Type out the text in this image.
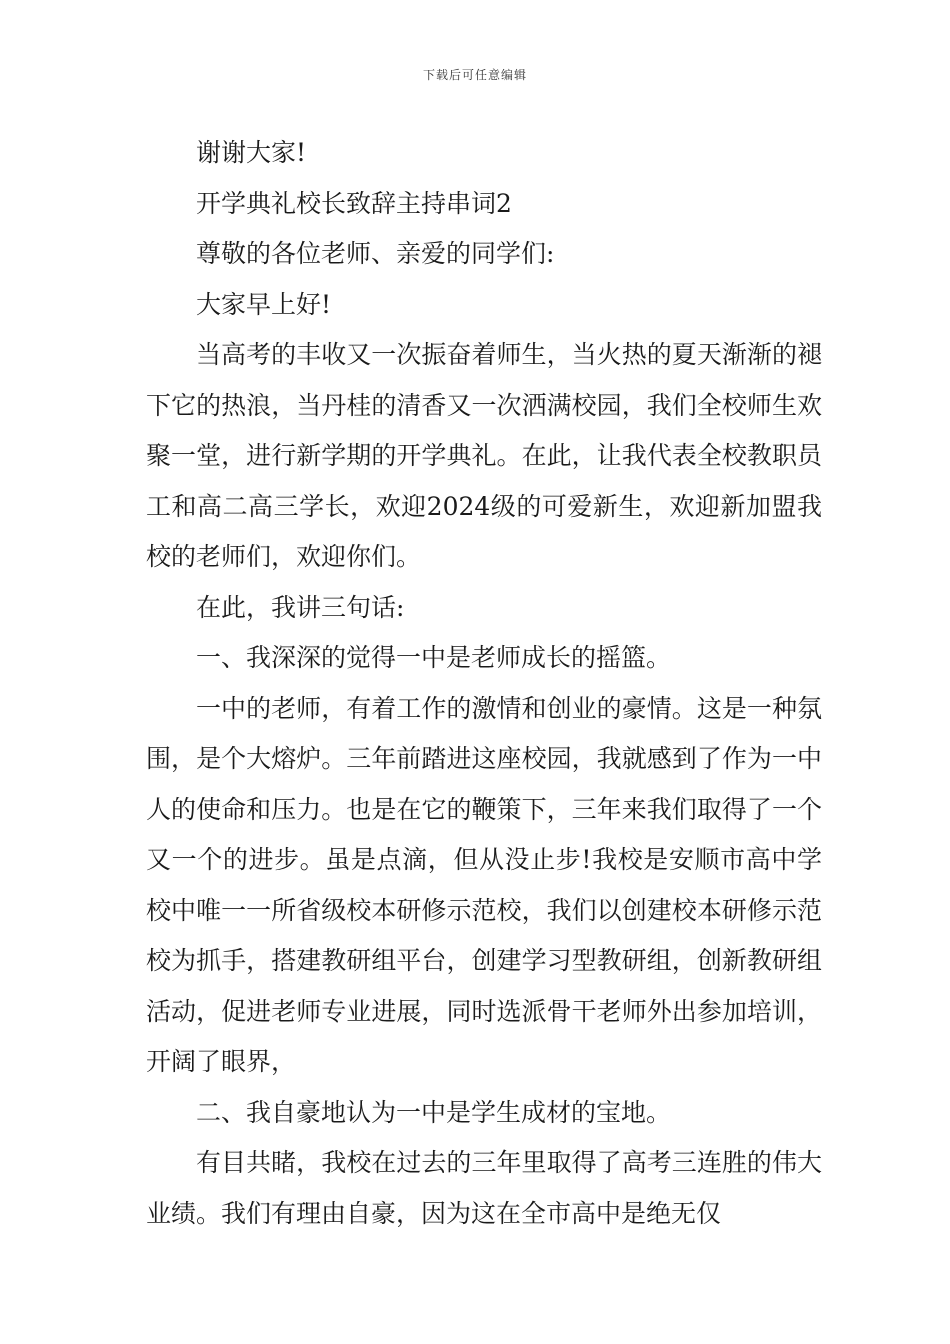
下载后可任意编辑

谢谢大家!

开学典礼校长致辞主持串词2

尊敬的各位老师、亲爱的同学们:

大家早上好!

当高考的丰收又一次振奋着师生，当火热的夏天渐渐的褪下它的热浪，当丹桂的清香又一次洒满校园，我们全校师生欢聚一堂，进行新学期的开学典礼。在此，让我代表全校教职员工和高二高三学长，欢迎2024级的可爱新生，欢迎新加盟我校的老师们，欢迎你们。

在此，我讲三句话:

一、我深深的觉得一中是老师成长的摇篮。

一中的老师，有着工作的激情和创业的豪情。这是一种氛围，是个大熔炉。三年前踏进这座校园，我就感到了作为一中人的使命和压力。也是在它的鞭策下，三年来我们取得了一个又一个的进步。虽是点滴，但从没止步!我校是安顺市高中学校中唯一一所省级校本研修示范校，我们以创建校本研修示范校为抓手，搭建教研组平台，创建学习型教研组，创新教研组活动，促进老师专业进展，同时选派骨干老师外出参加培训，开阔了眼界，

二、我自豪地认为一中是学生成材的宝地。

有目共睹，我校在过去的三年里取得了高考三连胜的伟大业绩。我们有理由自豪，因为这在全市高中是绝无仅
